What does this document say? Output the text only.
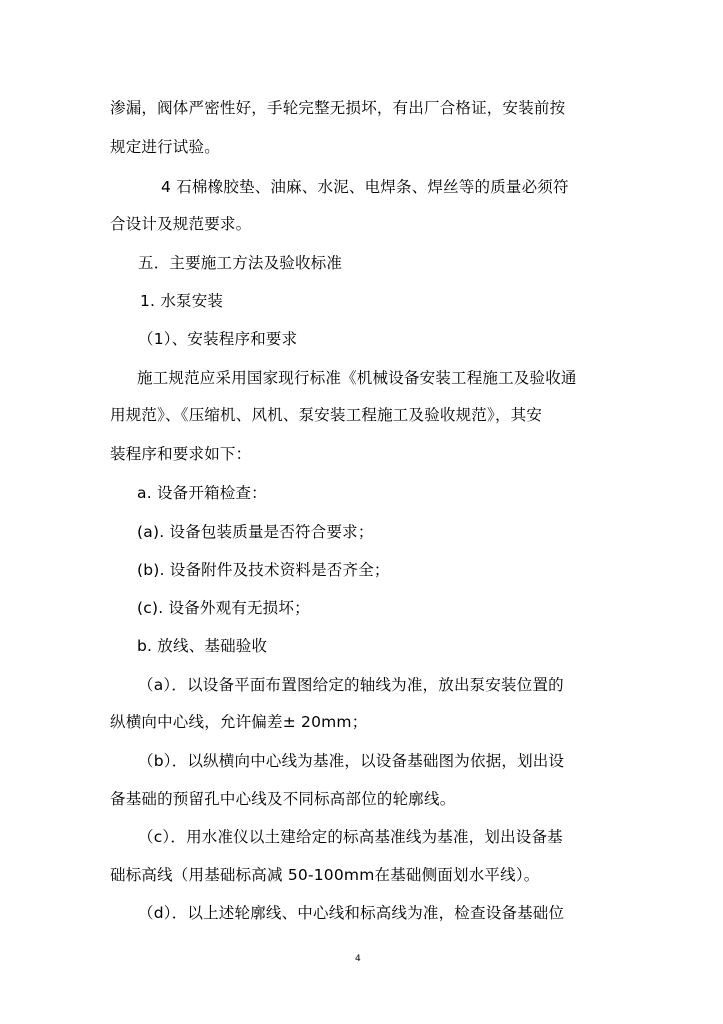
渗漏，阀体严密性好，手轮完整无损坏，有出厂合格证，安装前按
规定进行试验。
4 石棉橡胶垫、油麻、水泥、电焊条、焊丝等的质量必须符
合设计及规范要求。
五．主要施工方法及验收标准
1. 水泵安装
（1）、安装程序和要求
施工规范应采用国家现行标准《机械设备安装工程施工及验收通
用规范》、《压缩机、风机、泵安装工程施工及验收规范》，其安
装程序和要求如下：
a. 设备开箱检查：
(a). 设备包装质量是否符合要求；
(b). 设备附件及技术资料是否齐全；
(c). 设备外观有无损坏；
b. 放线、基础验收
（a）．以设备平面布置图给定的轴线为准，放出泵安装位置的
纵横向中心线，允许偏差± 20mm；
（b）．以纵横向中心线为基准，以设备基础图为依据，划出设
备基础的预留孔中心线及不同标高部位的轮廓线。
（c）．用水准仪以土建给定的标高基准线为基准，划出设备基
础标高线（用基础标高减 50-100mm在基础侧面划水平线）。
（d）．以上述轮廓线、中心线和标高线为准，检查设备基础位
4
